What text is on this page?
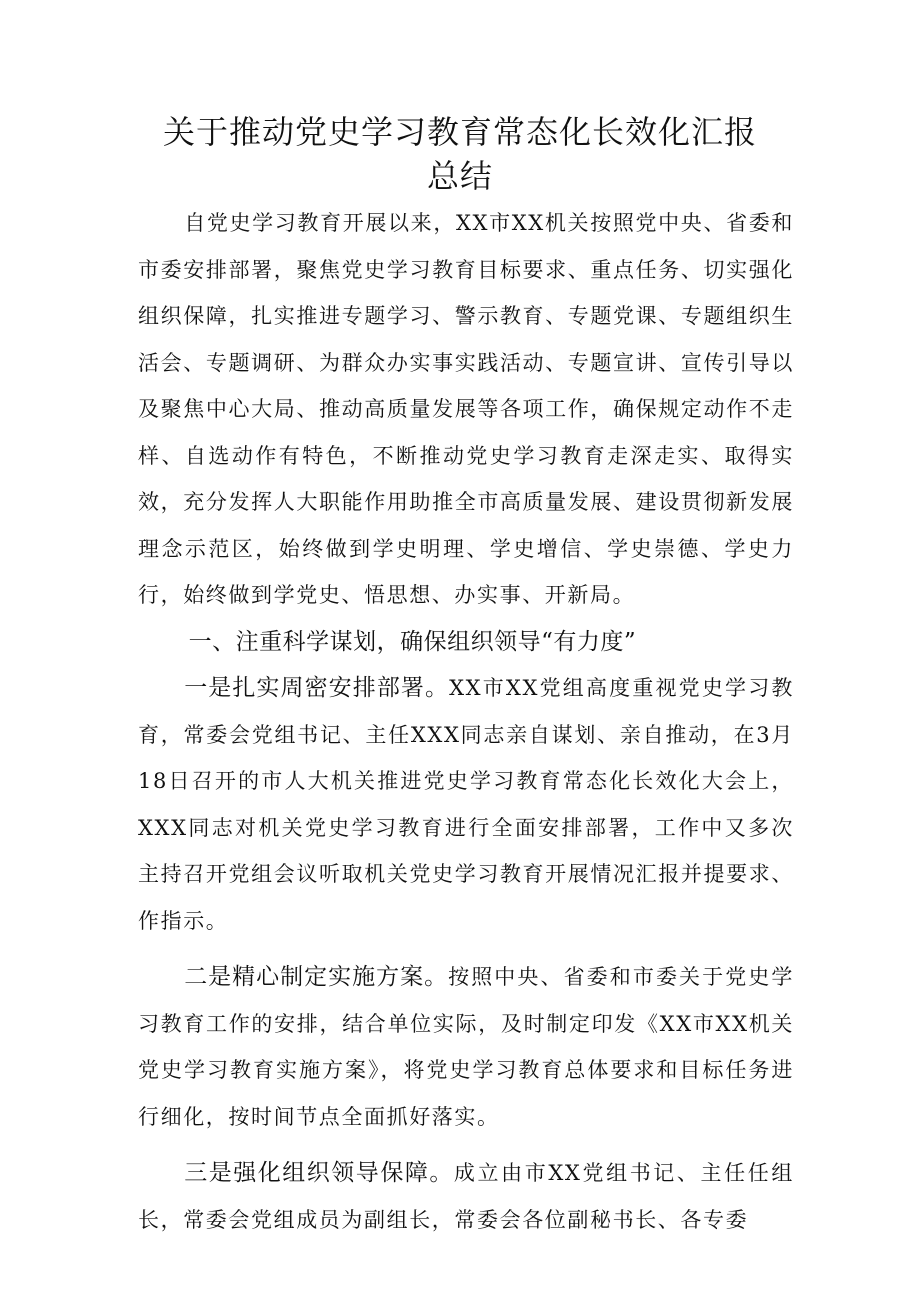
关于推动党史学习教育常态化长效化汇报
总结

自党史学习教育开展以来，XX市XX机关按照党中央、省委和市委安排部署，聚焦党史学习教育目标要求、重点任务、切实强化组织保障，扎实推进专题学习、警示教育、专题党课、专题组织生活会、专题调研、为群众办实事实践活动、专题宣讲、宣传引导以及聚焦中心大局、推动高质量发展等各项工作，确保规定动作不走样、自选动作有特色，不断推动党史学习教育走深走实、取得实效，充分发挥人大职能作用助推全市高质量发展、建设贯彻新发展理念示范区，始终做到学史明理、学史增信、学史崇德、学史力行，始终做到学党史、悟思想、办实事、开新局。

一、注重科学谋划，确保组织领导“有力度”

一是扎实周密安排部署。XX市XX党组高度重视党史学习教育，常委会党组书记、主任XXX同志亲自谋划、亲自推动，在3月18日召开的市人大机关推进党史学习教育常态化长效化大会上，XXX同志对机关党史学习教育进行全面安排部署，工作中又多次主持召开党组会议听取机关党史学习教育开展情况汇报并提要求、作指示。

二是精心制定实施方案。按照中央、省委和市委关于党史学习教育工作的安排，结合单位实际，及时制定印发《XX市XX机关党史学习教育实施方案》，将党史学习教育总体要求和目标任务进行细化，按时间节点全面抓好落实。

三是强化组织领导保障。成立由市XX党组书记、主任任组长，常委会党组成员为副组长，常委会各位副秘书长、各专委
